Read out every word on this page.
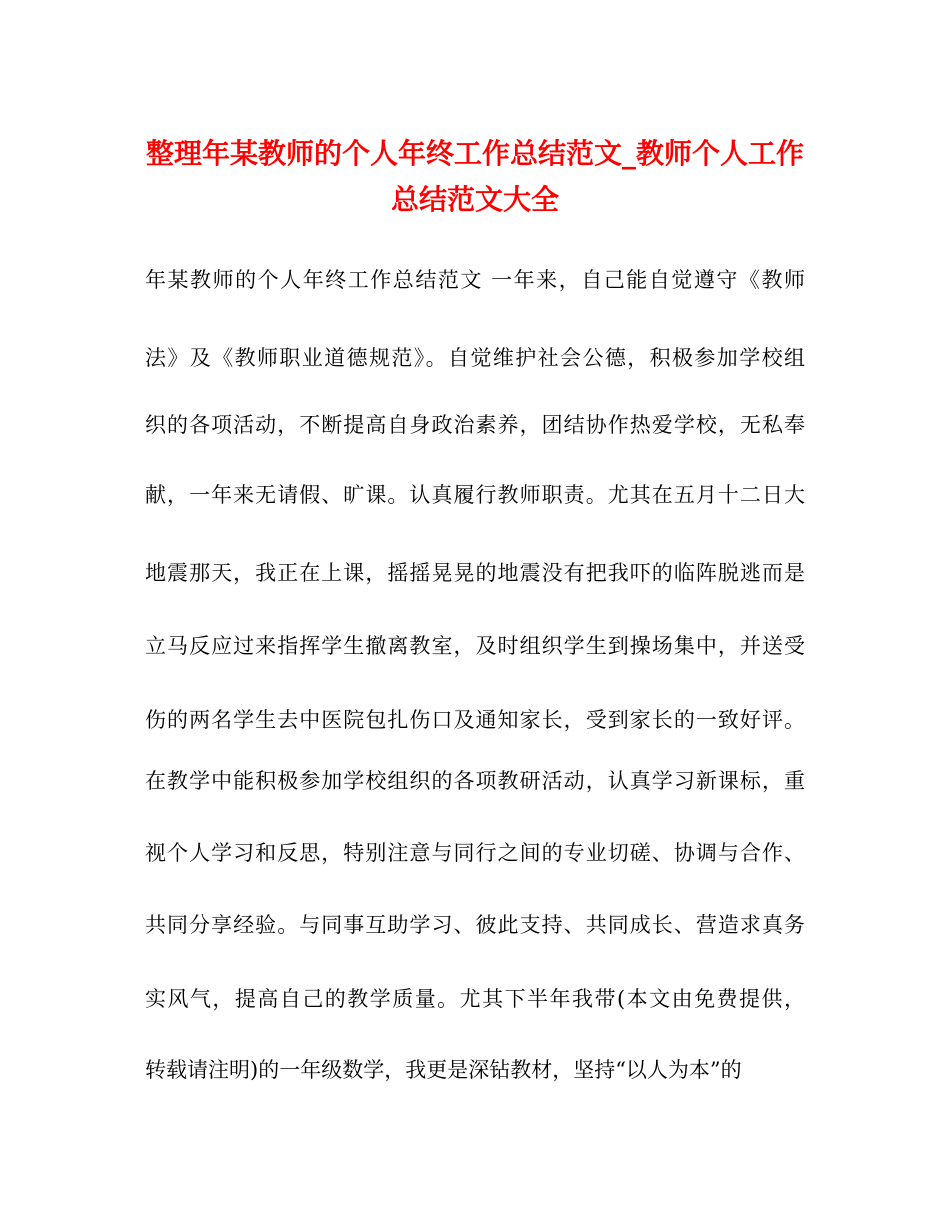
整理年某教师的个人年终工作总结范文_教师个人工作
总结范文大全
年某教师的个人年终工作总结范文 一年来，自己能自觉遵守《教师
法》及《教师职业道德规范》。自觉维护社会公德，积极参加学校组
织的各项活动，不断提高自身政治素养，团结协作热爱学校，无私奉
献，一年来无请假、旷课。认真履行教师职责。尤其在五月十二日大
地震那天，我正在上课，摇摇晃晃的地震没有把我吓的临阵脱逃而是
立马反应过来指挥学生撤离教室，及时组织学生到操场集中，并送受
伤的两名学生去中医院包扎伤口及通知家长，受到家长的一致好评。
在教学中能积极参加学校组织的各项教研活动，认真学习新课标，重
视个人学习和反思，特别注意与同行之间的专业切磋、协调与合作、
共同分享经验。与同事互助学习、彼此支持、共同成长、营造求真务
实风气，提高自己的教学质量。尤其下半年我带(本文由免费提供，
转载请注明)的一年级数学，我更是深钻教材，坚持“以人为本”的
